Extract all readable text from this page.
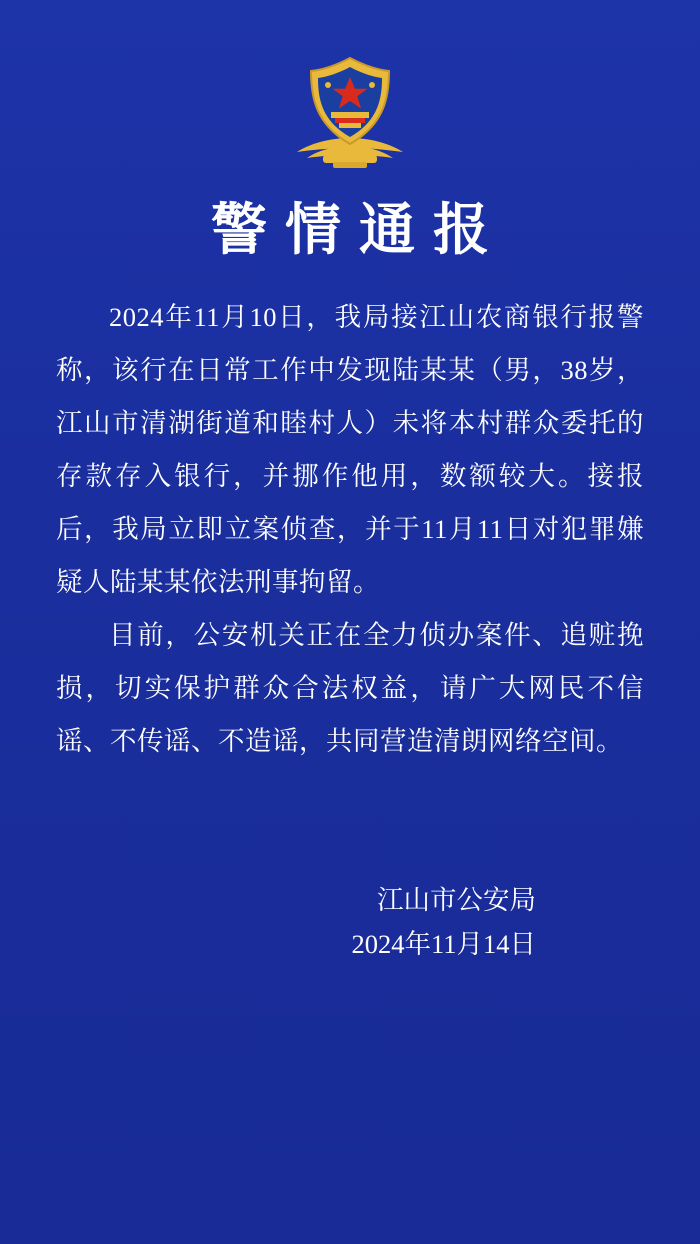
警情通报

2024年11月10日，我局接江山农商银行报警称，该行在日常工作中发现陆某某（男，38岁，江山市清湖街道和睦村人）未将本村群众委托的存款存入银行，并挪作他用，数额较大。接报后，我局立即立案侦查，并于11月11日对犯罪嫌疑人陆某某依法刑事拘留。

目前，公安机关正在全力侦办案件、追赃挽损，切实保护群众合法权益，请广大网民不信谣、不传谣、不造谣，共同营造清朗网络空间。

江山市公安局
2024年11月14日
